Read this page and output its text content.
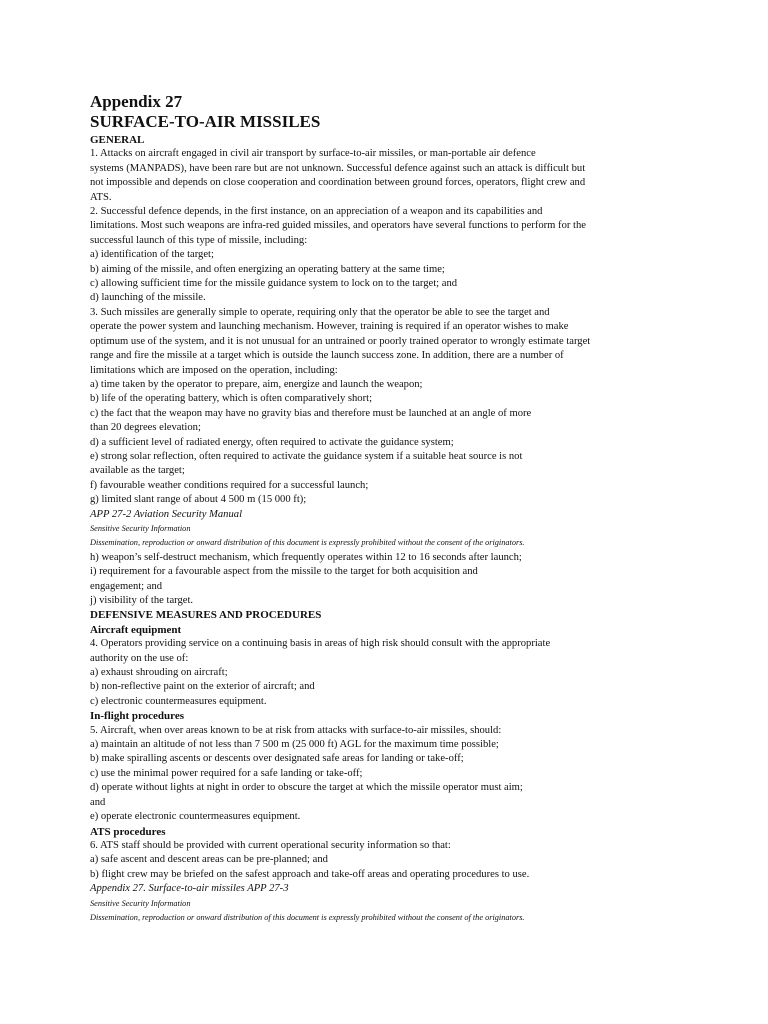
Appendix 27
SURFACE-TO-AIR MISSILES
GENERAL
1. Attacks on aircraft engaged in civil air transport by surface-to-air missiles, or man-portable air defence
systems (MANPADS), have been rare but are not unknown. Successful defence against such an attack is difficult but
not impossible and depends on close cooperation and coordination between ground forces, operators, flight crew and
ATS.
2. Successful defence depends, in the first instance, on an appreciation of a weapon and its capabilities and
limitations. Most such weapons are infra-red guided missiles, and operators have several functions to perform for the
successful launch of this type of missile, including:
a) identification of the target;
b) aiming of the missile, and often energizing an operating battery at the same time;
c) allowing sufficient time for the missile guidance system to lock on to the target; and
d) launching of the missile.
3. Such missiles are generally simple to operate, requiring only that the operator be able to see the target and
operate the power system and launching mechanism. However, training is required if an operator wishes to make
optimum use of the system, and it is not unusual for an untrained or poorly trained operator to wrongly estimate target
range and fire the missile at a target which is outside the launch success zone. In addition, there are a number of
limitations which are imposed on the operation, including:
a) time taken by the operator to prepare, aim, energize and launch the weapon;
b) life of the operating battery, which is often comparatively short;
c) the fact that the weapon may have no gravity bias and therefore must be launched at an angle of more
than 20 degrees elevation;
d) a sufficient level of radiated energy, often required to activate the guidance system;
e) strong solar reflection, often required to activate the guidance system if a suitable heat source is not
available as the target;
f) favourable weather conditions required for a successful launch;
g) limited slant range of about 4 500 m (15 000 ft);
APP 27-2 Aviation Security Manual
Sensitive Security Information
Dissemination, reproduction or onward distribution of this document is expressly prohibited without the consent of the originators.
h) weapon’s self-destruct mechanism, which frequently operates within 12 to 16 seconds after launch;
i) requirement for a favourable aspect from the missile to the target for both acquisition and
engagement; and
j) visibility of the target.
DEFENSIVE MEASURES AND PROCEDURES
Aircraft equipment
4. Operators providing service on a continuing basis in areas of high risk should consult with the appropriate
authority on the use of:
a) exhaust shrouding on aircraft;
b) non-reflective paint on the exterior of aircraft; and
c) electronic countermeasures equipment.
In-flight procedures
5. Aircraft, when over areas known to be at risk from attacks with surface-to-air missiles, should:
a) maintain an altitude of not less than 7 500 m (25 000 ft) AGL for the maximum time possible;
b) make spiralling ascents or descents over designated safe areas for landing or take-off;
c) use the minimal power required for a safe landing or take-off;
d) operate without lights at night in order to obscure the target at which the missile operator must aim;
and
e) operate electronic countermeasures equipment.
ATS procedures
6. ATS staff should be provided with current operational security information so that:
a) safe ascent and descent areas can be pre-planned; and
b) flight crew may be briefed on the safest approach and take-off areas and operating procedures to use.
Appendix 27. Surface-to-air missiles APP 27-3
Sensitive Security Information
Dissemination, reproduction or onward distribution of this document is expressly prohibited without the consent of the originators.
